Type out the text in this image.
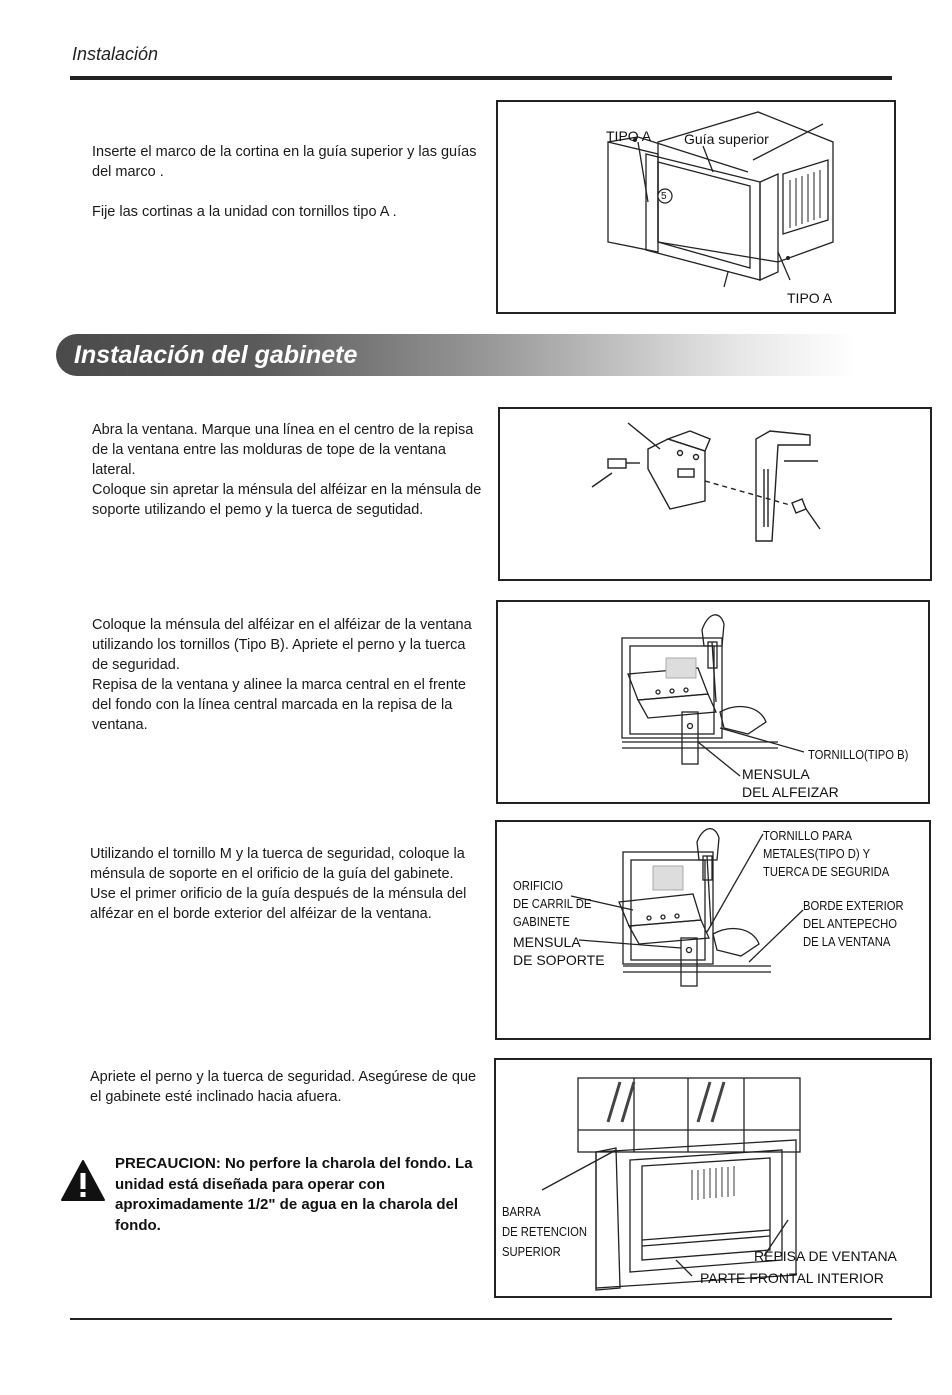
Instalación

Inserte el marco de la cortina en la guía superior y las guías del marco .

Fije las cortinas a la unidad con tornillos tipo A .

TIPO A Guía superior
5
TIPO A
Instalación del gabinete

Abra la ventana. Marque una línea en el centro de la repisa de la ventana entre las molduras de tope de la ventana lateral.

Coloque sin apretar la ménsula del alféizar en la ménsula de soporte utilizando el pemo y la tuerca de segutidad.

Coloque la ménsula del alféizar en el alféizar de la ventana utilizando los tornillos (Tipo B). Apriete el perno y la tuerca de seguridad.

Repisa de la ventana y alinee la marca central en el frente del fondo con la línea central marcada en la repisa de la ventana.

TORNILLO(TIPO B)
MENSULA
DEL ALFEIZAR

Utilizando el tornillo M y la tuerca de seguridad, coloque la ménsula de soporte en el orificio de la guía del gabinete. Use el primer orificio de la guía después de la ménsula del alfézar en el borde exterior del alféizar de la ventana.

TORNILLO PARA
METALES(TIPO D) Y
TUERCA DE SEGURIDA
ORIFICIO
DE CARRIL DE
GABINETE
BORDE EXTERIOR
DEL ANTEPECHO
DE LA VENTANA
MENSULA
DE SOPORTE

Apriete el perno y la tuerca de seguridad. Asegúrese de que el gabinete esté inclinado hacia afuera.

PRECAUCION: No perfore la charola del fondo. La unidad está diseñada para operar con aproximadamente 1/2" de agua en la charola del fondo.
BARRA
DE RETENCION
SUPERIOR	REPISA DE VENTANA
PARTE FRONTAL INTERIOR
